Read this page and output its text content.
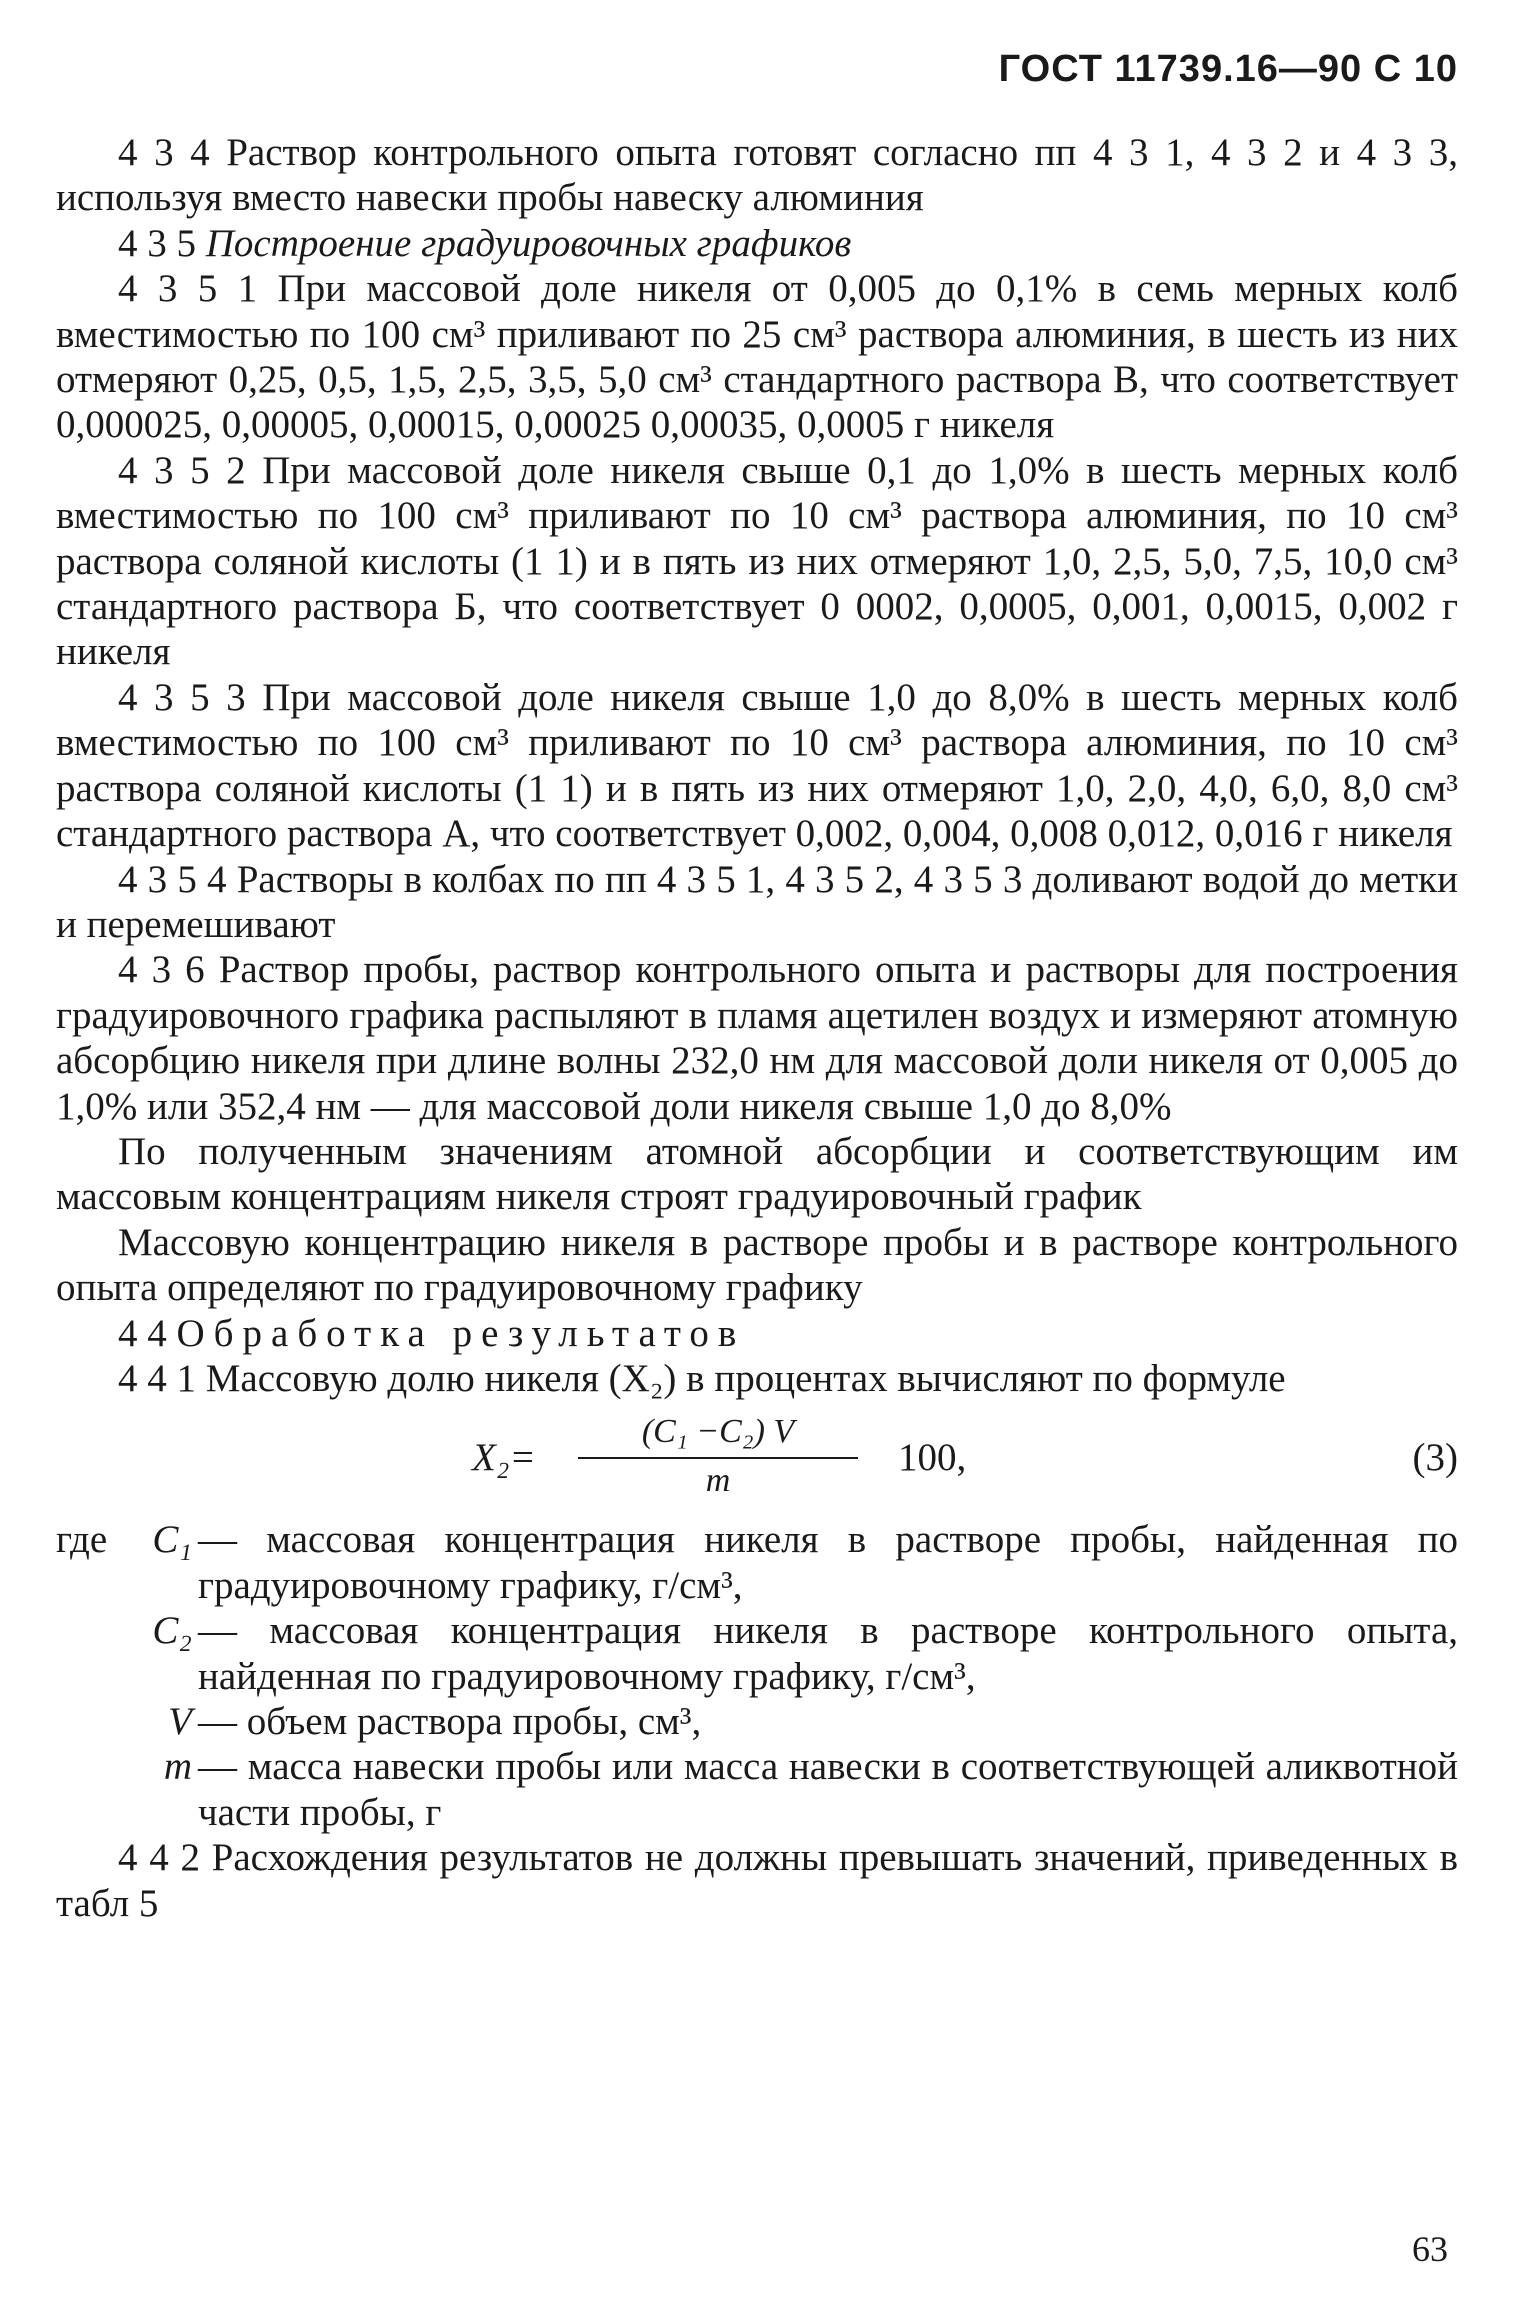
ГОСТ 11739.16—90 С 10

4 3 4 Раствор контрольного опыта готовят согласно пп 4 3 1, 4 3 2 и 4 3 3, используя вместо навески пробы навеску алюминия

4 3 5 Построение градуировочных графиков

4 3 5 1 При массовой доле никеля от 0,005 до 0,1% в семь мерных колб вместимостью по 100 см³ приливают по 25 см³ раствора алюминия, в шесть из них отмеряют 0,25, 0,5, 1,5, 2,5, 3,5, 5,0 см³ стандартного раствора В, что соответствует 0,000025, 0,00005, 0,00015, 0,00025 0,00035, 0,0005 г никеля

4 3 5 2 При массовой доле никеля свыше 0,1 до 1,0% в шесть мерных колб вместимостью по 100 см³ приливают по 10 см³ раствора алюминия, по 10 см³ раствора соляной кислоты (1 1) и в пять из них отмеряют 1,0, 2,5, 5,0, 7,5, 10,0 см³ стандартного раствора Б, что соответствует 0 0002, 0,0005, 0,001, 0,0015, 0,002 г никеля

4 3 5 3 При массовой доле никеля свыше 1,0 до 8,0% в шесть мерных колб вместимостью по 100 см³ приливают по 10 см³ раствора алюминия, по 10 см³ раствора соляной кислоты (1 1) и в пять из них отмеряют 1,0, 2,0, 4,0, 6,0, 8,0 см³ стандартного раствора А, что соответствует 0,002, 0,004, 0,008 0,012, 0,016 г никеля

4 3 5 4 Растворы в колбах по пп 4 3 5 1, 4 3 5 2, 4 3 5 3 доливают водой до метки и перемешивают

4 3 6 Раствор пробы, раствор контрольного опыта и растворы для построения градуировочного графика распыляют в пламя ацетилен воздух и измеряют атомную абсорбцию никеля при длине волны 232,0 нм для массовой доли никеля от 0,005 до 1,0% или 352,4 нм — для массовой доли никеля свыше 1,0 до 8,0%

По полученным значениям атомной абсорбции и соответствующим им массовым концентрациям никеля строят градуировочный график

Массовую концентрацию никеля в растворе пробы и в растворе контрольного опыта определяют по градуировочному графику

4 4 Обработка результатов

4 4 1 Массовую долю никеля (X₂) в процентах вычисляют по формуле

$X_2= \frac{\text{(C₁ −C₂) V}}{m} 100$,	(3)
где	C₁ — массовая концентрация никеля в растворе пробы, найденная по градуировочному графику, г/см³,
C₂ — массовая концентрация никеля в растворе контрольного опыта, найденная по градуировочному графику, г/см³,
V — объем раствора пробы, см³,
m — масса навески пробы или масса навески в соответствующей аликвотной части пробы, г

4 4 2 Расхождения результатов не должны превышать значений, приведенных в табл 5

63
